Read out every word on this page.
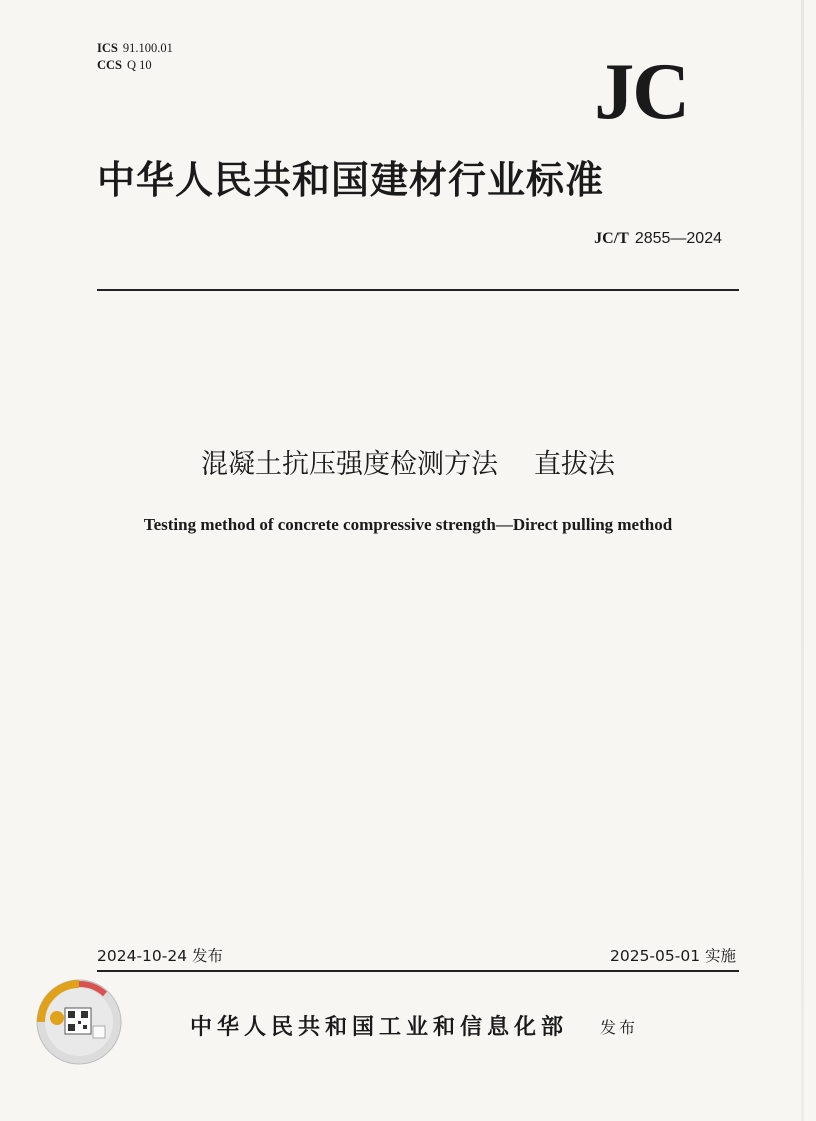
ICS 91.100.01
CCS Q 10	JC
中华人民共和国建材行业标准
JC/T 2855—2024
混凝土抗压强度检测方法 直拔法
Testing method of concrete compressive strength—Direct pulling method
2024-10-24 发布	2025-05-01 实施
中华人民共和国工业和信息化部 发布
